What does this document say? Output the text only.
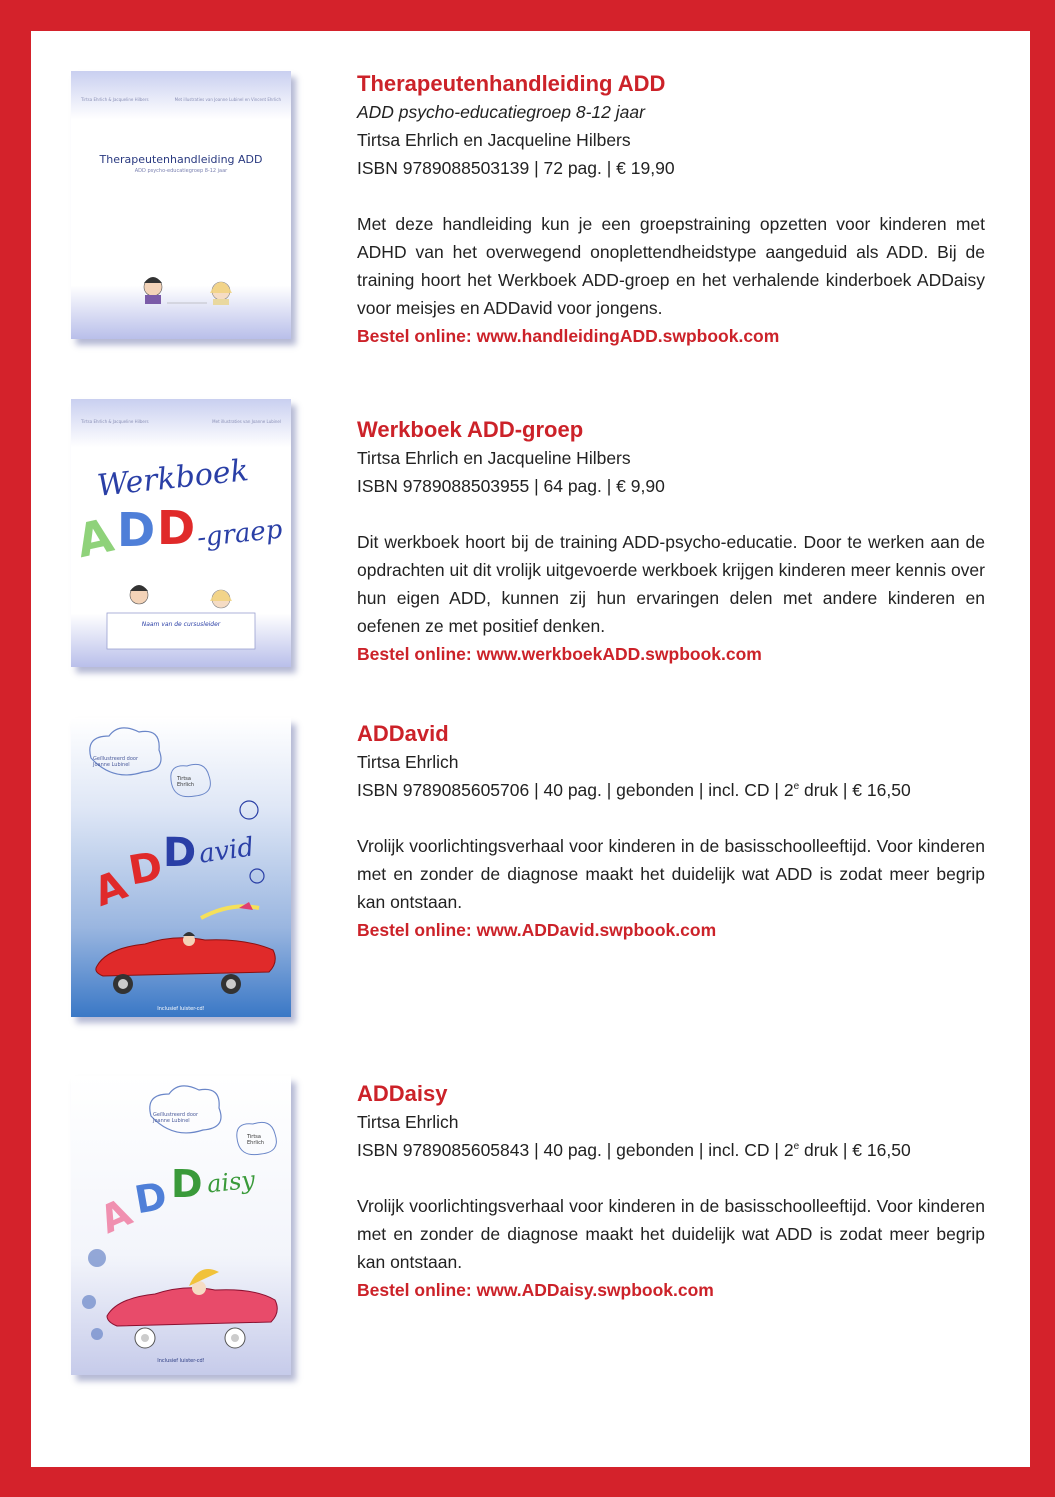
Tirtsa Ehrlich & Jacqueline Hilbers	Met illustraties van Joanne Lubinel en Vincent Ehrlich
Therapeutenhandleiding ADD
ADD psycho-educatiegroep 8-12 jaar
Therapeutenhandleiding ADD
ADD psycho-educatiegroep 8-12 jaar
Tirtsa Ehrlich en Jacqueline Hilbers
ISBN 9789088503139 | 72 pag. | € 19,90
Met deze handleiding kun je een groepstraining opzetten voor kinderen met ADHD van het overwegend onoplettendheidstype aangeduid als ADD. Bij de training hoort het Werkboek ADD-groep en het verhalende kinderboek ADDaisy voor meisjes en ADDavid voor jongens.
Bestel online: www.handleidingADD.swpbook.com
Tirtsa Ehrlich & Jacqueline Hilbers	Met illustraties van Joanne Lubinel
Werkboek
A D D -graep
Naam van de cursusleider
Werkboek ADD-groep
Tirtsa Ehrlich en Jacqueline Hilbers
ISBN 9789088503955 | 64 pag. | € 9,90
Dit werkboek hoort bij de training ADD-psycho-educatie. Door te werken aan de opdrachten uit dit vrolijk uitgevoerde werkboek krijgen kinderen meer kennis over hun eigen ADD, kunnen zij hun ervaringen delen met andere kinderen en oefenen ze met positief denken.
Bestel online: www.werkboekADD.swpbook.com
Geïllustreerd door Joanne Lubinel
Tirtsa Ehrlich
A
D
D avid
Inclusief luister-cd!
ADDavid
Tirtsa Ehrlich
ISBN 9789085605706 | 40 pag. | gebonden | incl. CD | 2e druk | € 16,50
Vrolijk voorlichtingsverhaal voor kinderen in de basisschoolleeftijd. Voor kinderen met en zonder de diagnose maakt het duidelijk wat ADD is zodat meer begrip kan ontstaan.
Bestel online: www.ADDavid.swpbook.com
Geïllustreerd door Joanne Lubinel
Tirtsa Ehrlich
A
D D aisy
Inclusief luister-cd!
ADDaisy
Tirtsa Ehrlich
ISBN 9789085605843 | 40 pag. | gebonden | incl. CD | 2e druk | € 16,50
Vrolijk voorlichtingsverhaal voor kinderen in de basisschoolleeftijd. Voor kinderen met en zonder de diagnose maakt het duidelijk wat ADD is zodat meer begrip kan ontstaan.
Bestel online: www.ADDaisy.swpbook.com
